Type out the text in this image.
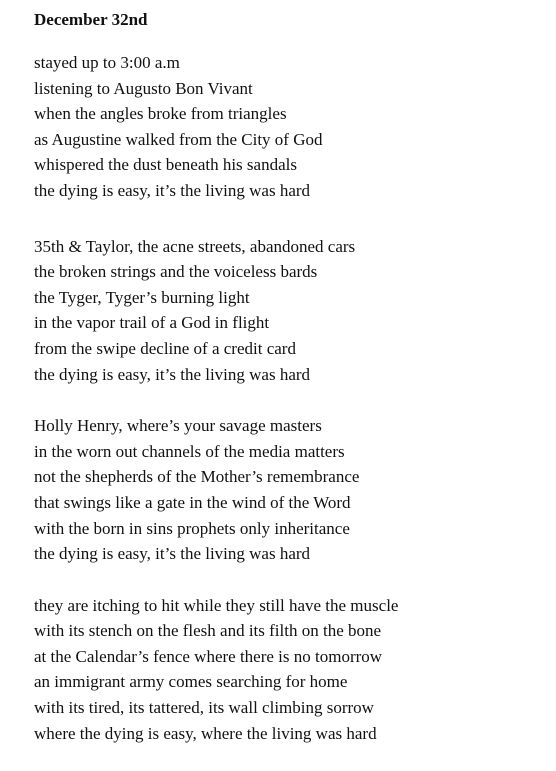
December 32nd
stayed up to 3:00 a.m
listening to Augusto Bon Vivant
when the angles broke from triangles
as Augustine walked from the City of God
whispered the dust beneath his sandals
the dying is easy, it’s the living was hard
35th & Taylor, the acne streets, abandoned cars
the broken strings and the voiceless bards
the Tyger, Tyger’s burning light
in the vapor trail of a God in flight
from the swipe decline of a credit card
the dying is easy, it’s the living was hard
Holly Henry, where’s your savage masters
in the worn out channels of the media matters
not the shepherds of the Mother’s remembrance
that swings like a gate in the wind of the Word
with the born in sins prophets only inheritance
the dying is easy, it’s the living was hard
they are itching to hit while they still have the muscle
with its stench on the flesh and its filth on the bone
at the Calendar’s fence where there is no tomorrow
an immigrant army comes searching for home
with its tired, its tattered, its wall climbing sorrow
where the dying is easy, where the living was hard
